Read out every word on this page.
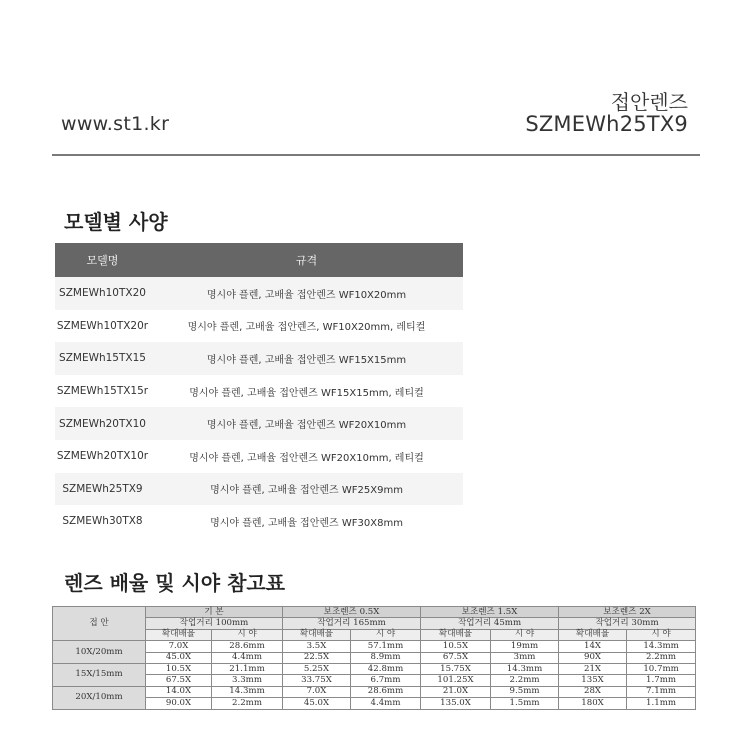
www.st1.kr
접안렌즈
SZMEWh25TX9
모델별 사양
모델명	규격
SZMEWh10TX20	명시야 플렌, 고배율 접안렌즈 WF10X20mm
SZMEWh10TX20r	명시야 플렌, 고배율 접안렌즈, WF10X20mm, 레티컬
SZMEWh15TX15	명시야 플렌, 고배율 접안렌즈 WF15X15mm
SZMEWh15TX15r	명시야 플렌, 고배율 접안렌즈 WF15X15mm, 레티컬
SZMEWh20TX10	명시야 플렌, 고배율 접안렌즈 WF20X10mm
SZMEWh20TX10r	명시야 플렌, 고배율 접안렌즈 WF20X10mm, 레티컬
SZMEWh25TX9	명시야 플렌, 고배율 접안렌즈 WF25X9mm
SZMEWh30TX8	명시야 플렌, 고배율 접안렌즈 WF30X8mm
렌즈 배율 및 시야 참고표
접 안	기 본		보조렌즈 0.5X		보조렌즈 1.5X		보조렌즈 2X	
	작업거리 100mm		작업거리 165mm		작업거리 45mm		작업거리 30mm	
	확대배율	시 야	확대배율	시 야	확대배율	시 야	확대배율	시 야
10X/20mm	7.0X	28.6mm	3.5X	57.1mm	10.5X	19mm	14X	14.3mm
	45.0X	4.4mm	22.5X	8.9mm	67.5X	3mm	90X	2.2mm
15X/15mm	10.5X	21.1mm	5.25X	42.8mm	15.75X	14.3mm	21X	10.7mm
	67.5X	3.3mm	33.75X	6.7mm	101.25X	2.2mm	135X	1.7mm
20X/10mm	14.0X	14.3mm	7.0X	28.6mm	21.0X	9.5mm	28X	7.1mm
	90.0X	2.2mm	45.0X	4.4mm	135.0X	1.5mm	180X	1.1mm
